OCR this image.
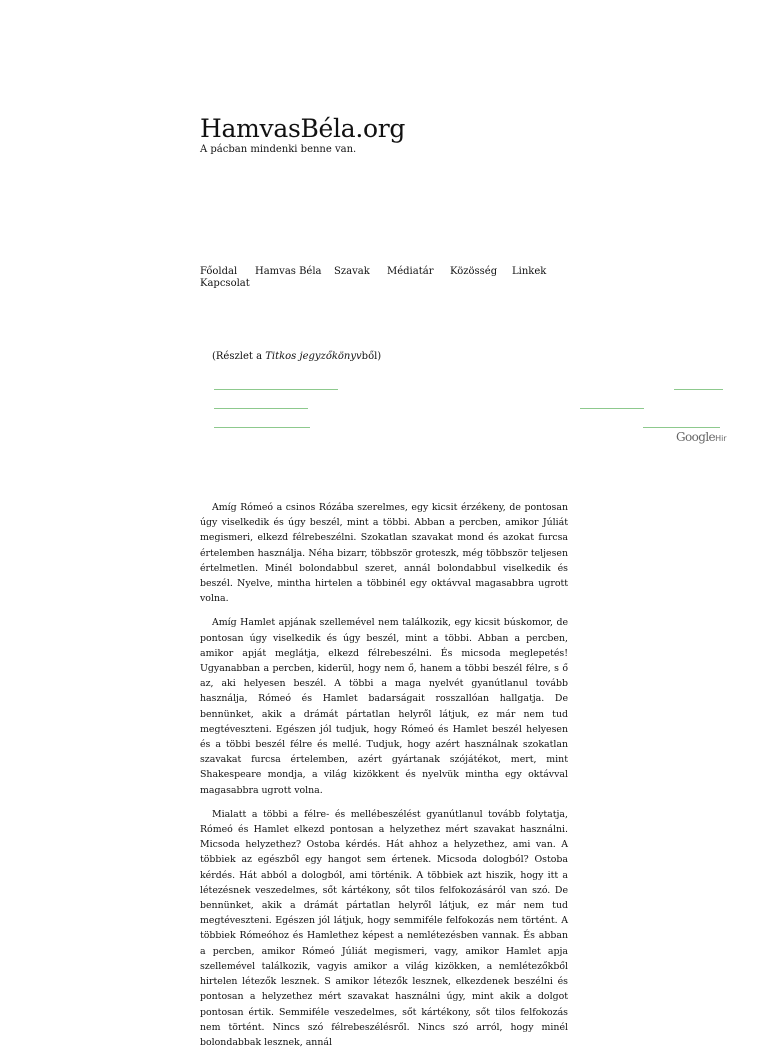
HamvasBéla.org

A pácban mindenki benne van.

Főoldal Hamvas Béla Szavak Médiatár Közösség Linkek
Kapcsolat

(Részlet a Titkos jegyzőkönyvből)

GoogleHir

Amíg Rómeó a csinos Rózába szerelmes, egy kicsit érzékeny, de pontosan úgy viselkedik és úgy beszél, mint a többi. Abban a percben, amikor Júliát megismeri, elkezd félrebeszélni. Szokatlan szavakat mond és azokat furcsa értelemben használja. Néha bizarr, többször groteszk, még többször teljesen értelmetlen. Minél bolondabbul szeret, annál bolondabbul viselkedik és beszél. Nyelve, mintha hirtelen a többinél egy oktávval magasabbra ugrott volna.

Amíg Hamlet apjának szellemével nem találkozik, egy kicsit búskomor, de pontosan úgy viselkedik és úgy beszél, mint a többi. Abban a percben, amikor apját meglátja, elkezd félrebeszélni. És micsoda meglepetés! Ugyanabban a percben, kiderül, hogy nem ő, hanem a többi beszél félre, s ő az, aki helyesen beszél. A többi a maga nyelvét gyanútlanul tovább használja, Rómeó és Hamlet badarságait rosszallóan hallgatja. De bennünket, akik a drámát pártatlan helyről látjuk, ez már nem tud megtéveszteni. Egészen jól tudjuk, hogy Rómeó és Hamlet beszél helyesen és a többi beszél félre és mellé. Tudjuk, hogy azért használnak szokatlan szavakat furcsa értelemben, azért gyártanak szójátékot, mert, mint Shakespeare mondja, a világ kizökkent és nyelvük mintha egy oktávval magasabbra ugrott volna.

Mialatt a többi a félre- és mellébeszélést gyanútlanul tovább folytatja, Rómeó és Hamlet elkezd pontosan a helyzethez mért szavakat használni. Micsoda helyzethez? Ostoba kérdés. Hát ahhoz a helyzethez, ami van. A többiek az egészből egy hangot sem értenek. Micsoda dologból? Ostoba kérdés. Hát abból a dologból, ami történik. A többiek azt hiszik, hogy itt a létezésnek veszedelmes, sőt kártékony, sőt tilos felfokozásáról van szó. De bennünket, akik a drámát pártatlan helyről látjuk, ez már nem tud megtéveszteni. Egészen jól látjuk, hogy semmiféle felfokozás nem történt. A többiek Rómeóhoz és Hamlethez képest a nemlétezésben vannak. És abban a percben, amikor Rómeó Júliát megismeri, vagy, amikor Hamlet apja szellemével találkozik, vagyis amikor a világ kizökken, a nemlétezőkből hirtelen létezők lesznek. S amikor létezők lesznek, elkezdenek beszélni és pontosan a helyzethez mért szavakat használni úgy, mint akik a dolgot pontosan értik. Semmiféle veszedelmes, sőt kártékony, sőt tilos felfokozás nem történt. Nincs szó félrebeszélésről. Nincs szó arról, hogy minél bolondabbak lesznek, annál
